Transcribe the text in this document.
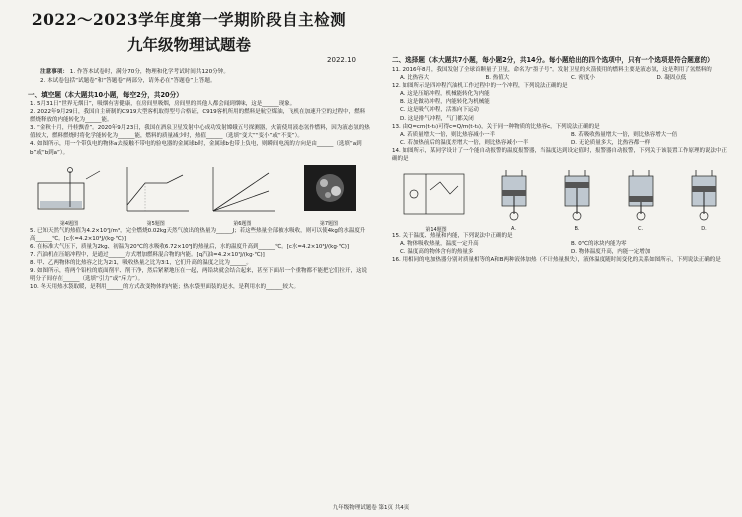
2022～2023学年度第一学期阶段自主检测
九年级物理试题卷
2022.10
注意事项： 1. 作答本试卷时，满分70分，物理和化学考试时间共120分钟。
2. 本试卷包括“试题卷”和“答题卷”两部分，请务必在“答题卷”上答题。
一、填空题（本大题共10小题，每空2分，共20分）
1. 5月31日“世界无烟日”，吸烟有害健康，在房间里吸烟，房间里的其他人都会闻到烟味，这是______现象。
2. 2022年9月29日，我国自主研制的C919大型客机取得型号合格证，C919客机所用的燃料是航空煤油，飞机在加速升空的过程中，燃料燃烧释放的内能转化为______能。
3. “金秋十月，丹桂飘香”。2020年9月23日，我国在酒泉卫星发射中心成功发射嫦娥五号探测器，火箭使用液态氢作燃料，因为液态氢的热值较大，燃料燃烧时将化学能转化为______能，燃料的质量减少时，热值______（选填“变大”“变小”或“不变”）。
4. 如图所示，用一个带负电的物体a去接触不带电的验电器的金属球b时，金属球b也带上负电，则瞬间电流的方向是由______（选填“a到b”或“b到a”）。
第4题图	第5题图	第6题图	第7题图
5. 已知天然气的热值为4.2×10⁷J/m³，完全燃烧0.02kg天然气放出的热量为______J；若这些热量全部被水吸收，则可以使4kg的水温度升高______℃。[c水=4.2×10³J/(kg·℃)]
6. 在标准大气压下，质量为2kg、初温为20℃的水吸收6.72×10⁵J的热量后，水的温度升高到______℃。[c水=4.2×10³J/(kg·℃)]
7. 汽油机在压缩冲程中，是通过______方式增加燃料混合物的内能。[q汽油=4.2×10⁷J/(kg·℃)]
8. 甲、乙两物体的比热容之比为2∶1，吸收热量之比为3∶1，它们升高的温度之比为______。
9. 如图所示，将两个铅柱的底面削平、削干净，然后紧紧地压在一起，两铅块就会结合起来，甚至下面吊一个重物都不能把它们拉开，这说明分子间存在______（选填“引力”或“斥力”）。
10. 冬天用热水袋取暖，是利用______的方式改变物体的内能；热水袋里面装的是水，是利用水的______较大。
二、选择题（本大题共7小题，每小题2分，共14分。每小题给出的四个选项中，只有一个选项是符合题意的）
11. 2016年8月，我国发射了全球首颗量子卫星，命名为“墨子号”。发射卫星的火箭使用的燃料主要是液态氢，这是利用了氢燃料的
A. 比热容大	B. 热值大	C. 密度小	D. 凝固点低
12. 如图所示是四冲程汽油机工作过程中的一个冲程，下列说法正确的是
A. 这是压缩冲程，机械能转化为内能
B. 这是做功冲程，内能转化为机械能
C. 这是吸气冲程，活塞向下运动
D. 这是排气冲程，气门都关闭
13. 由Q=cm(t-t₀)可得c=Q/m(t-t₀)，关于同一种物质的比热容c，下列说法正确的是
A. 若质量增大一倍，则比热容减小一半	B. 若吸收热量增大一倍，则比热容增大一倍
C. 若加热前后的温度差增大一倍，则比热容减小一半	D. 无论质量多大，比热容都一样
14. 如图所示，某同学设计了一个能自动报警的温度报警器，当温度达到设定值时，报警器自动报警，下列关于该装置工作原理的说法中正确的是
第14题图	A.	B.	C.	D.
15. 关于温度、热量和内能，下列说法中正确的是
A. 物体吸收热量，温度一定升高	B. 0℃的冰块内能为零
C. 温度高的物体含有的热量多	D. 物体温度升高，内能一定增加
16. 用相同的电加热器分别对质量相等的A和B两种液体加热（不计热量损失），液体温度随时间变化的关系如图所示，下列说法正确的是
九年级物理试题卷 第1页 共4页
